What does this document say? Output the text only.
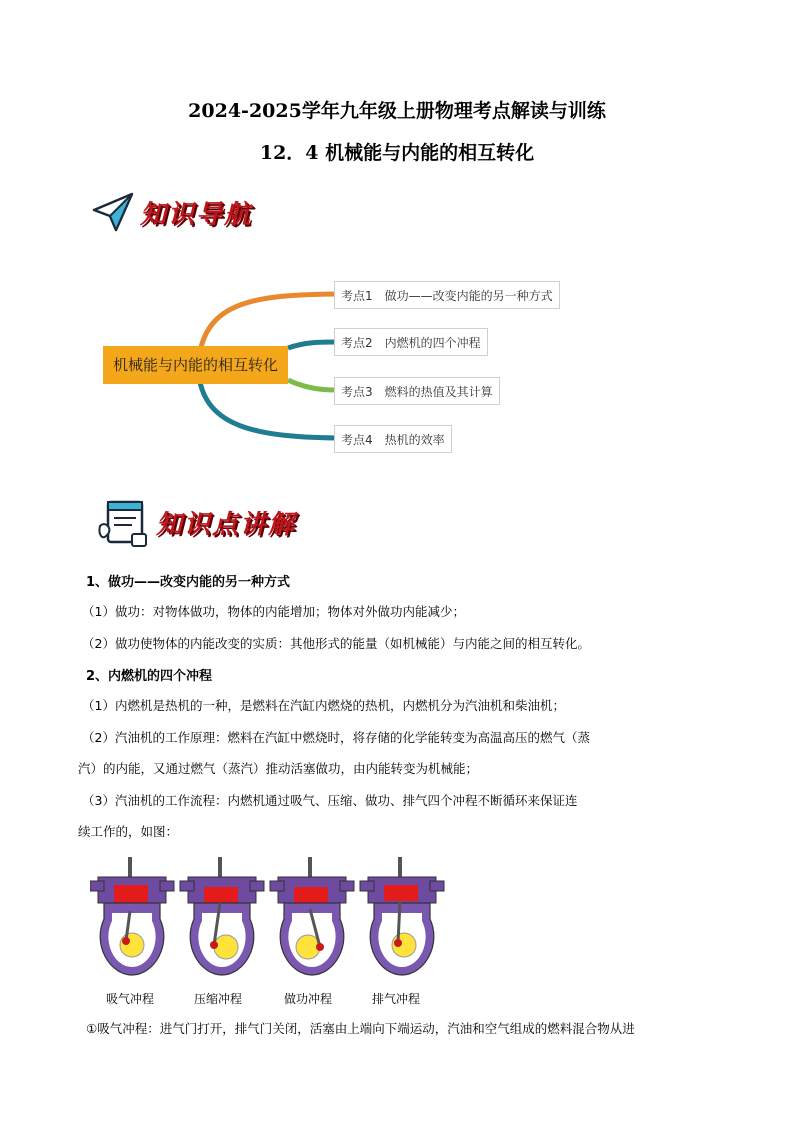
2024-2025学年九年级上册物理考点解读与训练
12．4 机械能与内能的相互转化
知识导航
机械能与内能的相互转化
考点1　做功——改变内能的另一种方式
考点2　内燃机的四个冲程
考点3　燃料的热值及其计算
考点4　热机的效率
知识点讲解
1、做功——改变内能的另一种方式
（1）做功：对物体做功，物体的内能增加；物体对外做功内能减少；
（2）做功使物体的内能改变的实质：其他形式的能量（如机械能）与内能之间的相互转化。
2、内燃机的四个冲程
（1）内燃机是热机的一种，是燃料在汽缸内燃烧的热机，内燃机分为汽油机和柴油机；
（2）汽油机的工作原理：燃料在汽缸中燃烧时，将存储的化学能转变为高温高压的燃气（蒸
汽）的内能，又通过燃气（蒸汽）推动活塞做功，由内能转变为机械能；
（3）汽油机的工作流程：内燃机通过吸气、压缩、做功、排气四个冲程不断循环来保证连
续工作的，如图：
吸气冲程	压缩冲程	做功冲程	排气冲程
①吸气冲程：进气门打开，排气门关闭，活塞由上端向下端运动，汽油和空气组成的燃料混合物从进
